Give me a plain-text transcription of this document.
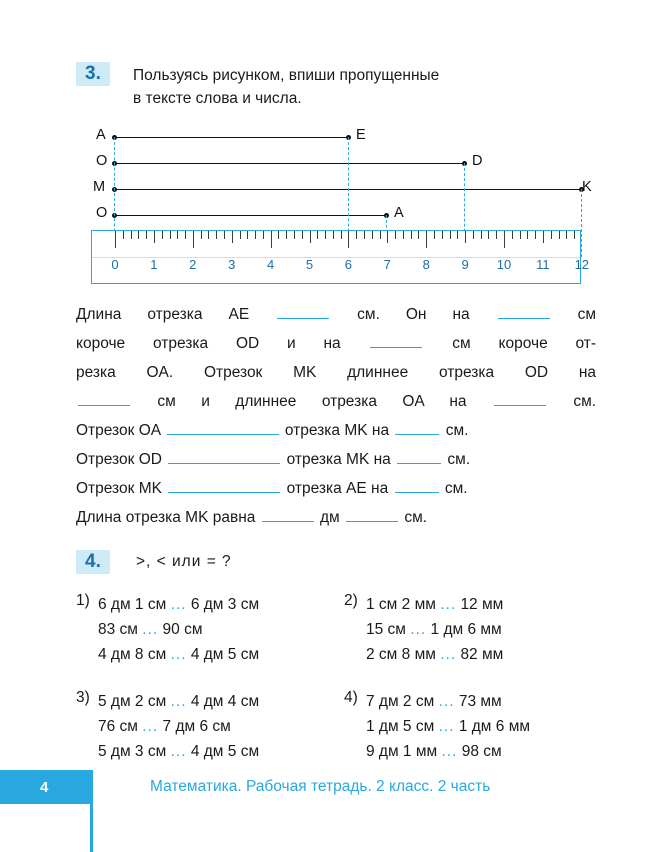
3.	Пользуясь рисунком, впиши пропущенные
в тексте слова и числа.
A	E
O	D
M	K
O	A
0 1 2 3 4 5 6 7 8 9 10 11 12
Длина отрезка AE	см. Он на	см
короче отрезка OD и на	см короче от-
резка OA. Отрезок MK длиннее отрезка OD на
см и длиннее отрезка OA на	см.
Отрезок OA	отрезка MK на	см.
Отрезок OD	отрезка MK на	см.
Отрезок MK	отрезка AE на	см.
Длина отрезка MK равна	дм	см.
4.	>, < или = ?
1) 6 дм 1 см ... 6 дм 3 см
83 см ... 90 см
4 дм 8 см ... 4 дм 5 см
2) 1 см 2 мм ... 12 мм
15 см ... 1 дм 6 мм
2 см 8 мм ... 82 мм
3) 5 дм 2 см ... 4 дм 4 см
76 см ... 7 дм 6 см
5 дм 3 см ... 4 дм 5 см
4) 7 дм 2 см ... 73 мм
1 дм 5 см ... 1 дм 6 мм
9 дм 1 мм ... 98 см
4	Математика. Рабочая тетрадь. 2 класс. 2 часть
